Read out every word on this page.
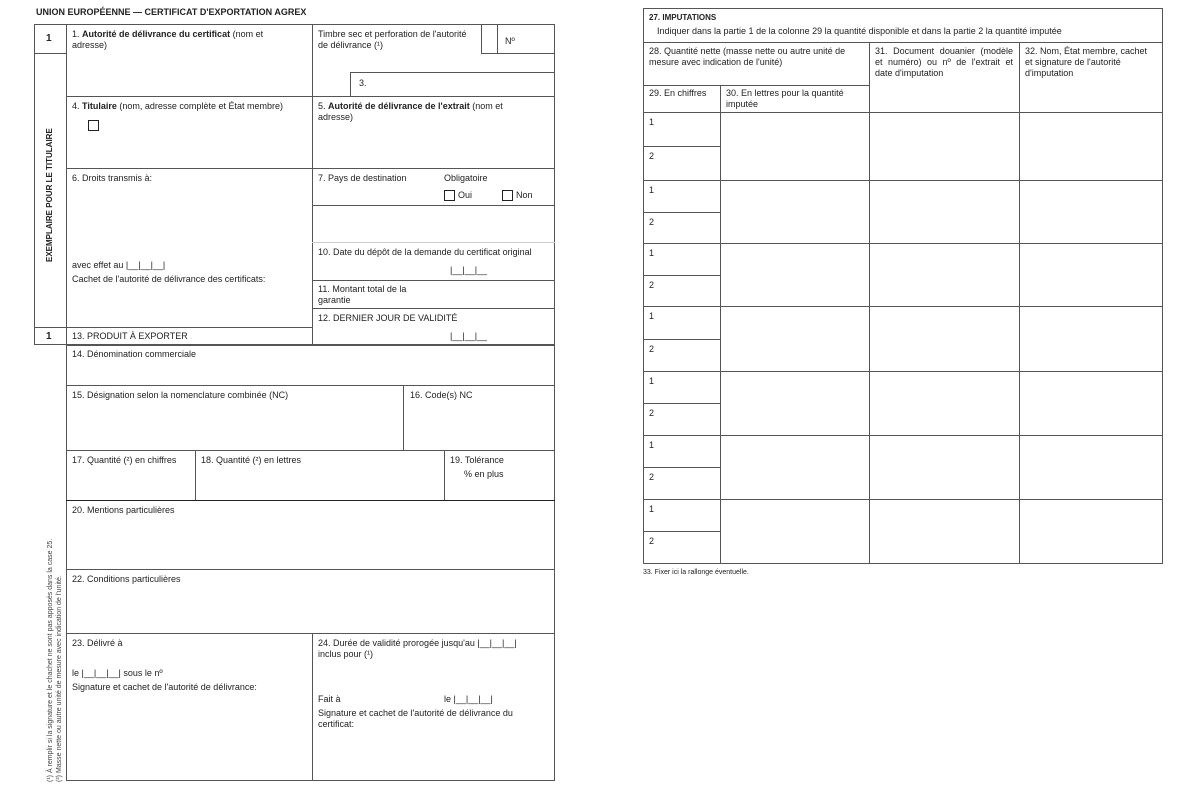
UNION EUROPÉENNE — CERTIFICAT D'EXPORTATION AGREX
1
1
EXEMPLAIRE POUR LE TITULAIRE
1. Autorité de délivrance du certificat (nom et adresse)
Timbre sec et perforation de l'autorité de délivrance (¹)	Nº
3.
4. Titulaire (nom, adresse complète et État membre)	5. Autorité de délivrance de l'extrait (nom et adresse)
6. Droits transmis à:
avec effet au |__|__|__|
Cachet de l'autorité de délivrance des certificats:
7. Pays de destination	Obligatoire
Oui	Non
10. Date du dépôt de la demande du certificat original
|__|__|__
11. Montant total de la garantie
12. DERNIER JOUR DE VALIDITÉ
|__|__|__
13. PRODUIT À EXPORTER
14. Dénomination commerciale
15. Désignation selon la nomenclature combinée (NC)	16. Code(s) NC
17. Quantité (²) en chiffres	18. Quantité (²) en lettres	19. Tolérance
% en plus
20. Mentions particulières
22. Conditions particulières
23. Délivré à
le |__|__|__| sous le nº
Signature et cachet de l'autorité de délivrance:
24. Durée de validité prorogée jusqu'au |__|__|__| inclus pour (¹)
Fait à	le |__|__|__|
Signature et cachet de l'autorité de délivrance du certificat:
(¹) À remplir si la signature et le chachet ne sont pas apposés dans la case 25. (²) Masse nette ou autre unité de mesure avec indication de l'unité.
27. IMPUTATIONS
Indiquer dans la partie 1 de la colonne 29 la quantité disponible et dans la partie 2 la quantité imputée
28. Quantité nette (masse nette ou autre unité de mesure avec indication de l'unité)
29. En chiffres 30. En lettres pour la quantité imputée
31. Document douanier (modèle et numéro) ou nº de l'extrait et date d'imputation
32. Nom, État membre, cachet et signature de l'autorité d'imputation
1
2
1
2
1
2
1
2
1
2
1
2
1
2
33. Fixer ici la rallonge éventuelle.
